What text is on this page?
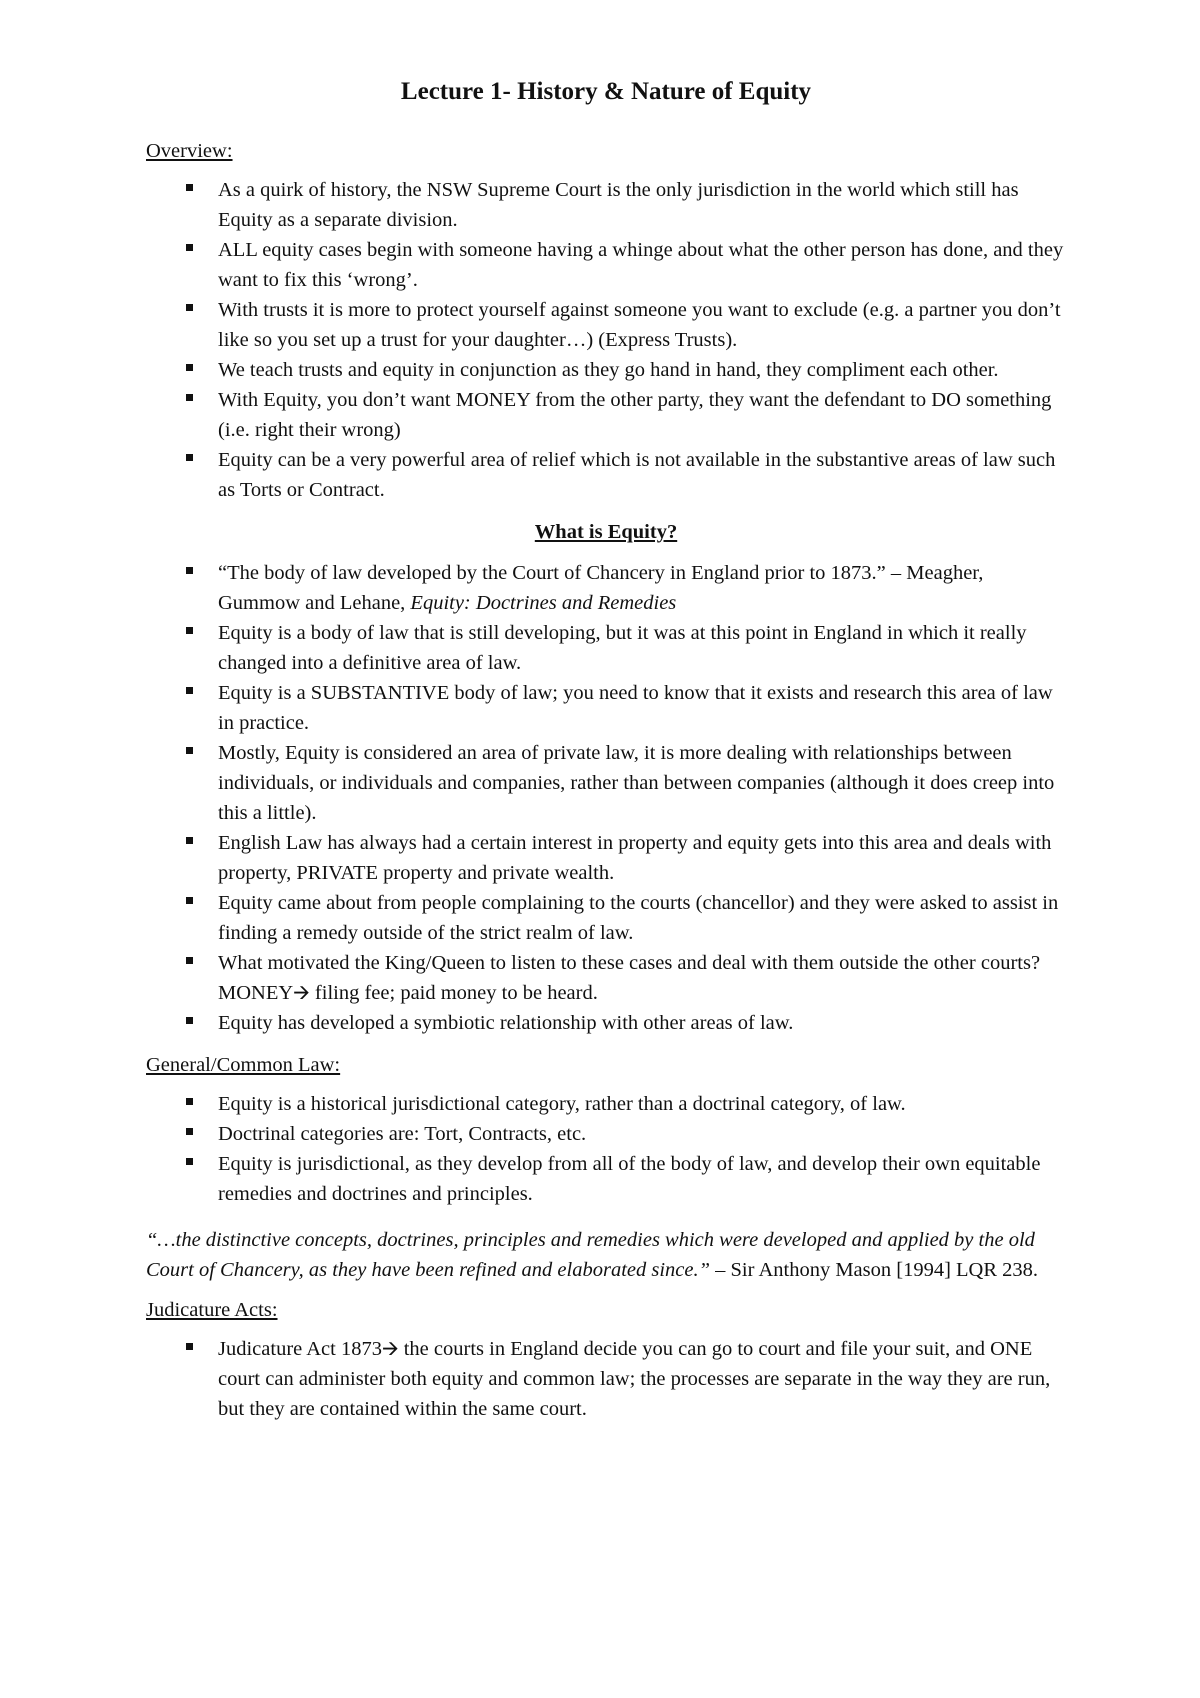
Lecture 1- History & Nature of Equity
Overview:
As a quirk of history, the NSW Supreme Court is the only jurisdiction in the world which still has Equity as a separate division.
ALL equity cases begin with someone having a whinge about what the other person has done, and they want to fix this ‘wrong’.
With trusts it is more to protect yourself against someone you want to exclude (e.g. a partner you don’t like so you set up a trust for your daughter…) (Express Trusts).
We teach trusts and equity in conjunction as they go hand in hand, they compliment each other.
With Equity, you don’t want MONEY from the other party, they want the defendant to DO something (i.e. right their wrong)
Equity can be a very powerful area of relief which is not available in the substantive areas of law such as Torts or Contract.
What is Equity?
“The body of law developed by the Court of Chancery in England prior to 1873.” – Meagher, Gummow and Lehane, Equity: Doctrines and Remedies
Equity is a body of law that is still developing, but it was at this point in England in which it really changed into a definitive area of law.
Equity is a SUBSTANTIVE body of law; you need to know that it exists and research this area of law in practice.
Mostly, Equity is considered an area of private law, it is more dealing with relationships between individuals, or individuals and companies, rather than between companies (although it does creep into this a little).
English Law has always had a certain interest in property and equity gets into this area and deals with property, PRIVATE property and private wealth.
Equity came about from people complaining to the courts (chancellor) and they were asked to assist in finding a remedy outside of the strict realm of law.
What motivated the King/Queen to listen to these cases and deal with them outside the other courts? MONEY🡪 filing fee; paid money to be heard.
Equity has developed a symbiotic relationship with other areas of law.
General/Common Law:
Equity is a historical jurisdictional category, rather than a doctrinal category, of law.
Doctrinal categories are: Tort, Contracts, etc.
Equity is jurisdictional, as they develop from all of the body of law, and develop their own equitable remedies and doctrines and principles.
“…the distinctive concepts, doctrines, principles and remedies which were developed and applied by the old Court of Chancery, as they have been refined and elaborated since.” – Sir Anthony Mason [1994] LQR 238.
Judicature Acts:
Judicature Act 1873🡪 the courts in England decide you can go to court and file your suit, and ONE court can administer both equity and common law; the processes are separate in the way they are run, but they are contained within the same court.
